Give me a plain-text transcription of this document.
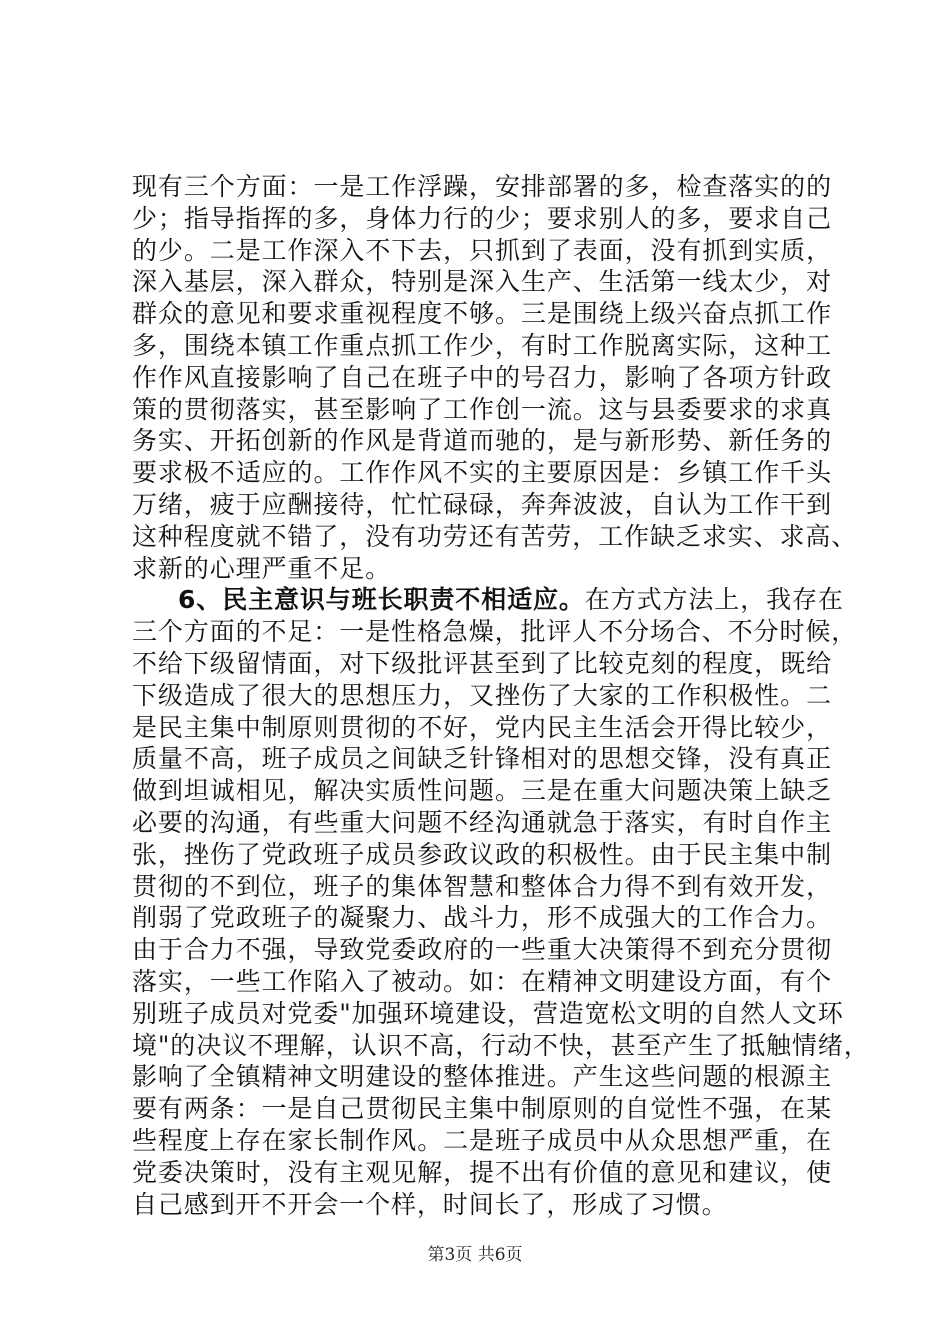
现有三个方面：一是工作浮躁，安排部署的多，检查落实的的
少；指导指挥的多，身体力行的少；要求别人的多，要求自己
的少。二是工作深入不下去，只抓到了表面，没有抓到实质，
深入基层，深入群众，特别是深入生产、生活第一线太少，对
群众的意见和要求重视程度不够。三是围绕上级兴奋点抓工作
多，围绕本镇工作重点抓工作少，有时工作脱离实际，这种工
作作风直接影响了自己在班子中的号召力，影响了各项方针政
策的贯彻落实，甚至影响了工作创一流。这与县委要求的求真
务实、开拓创新的作风是背道而驰的，是与新形势、新任务的
要求极不适应的。工作作风不实的主要原因是：乡镇工作千头
万绪，疲于应酬接待，忙忙碌碌，奔奔波波，自认为工作干到
这种程度就不错了，没有功劳还有苦劳，工作缺乏求实、求高、
求新的心理严重不足。
6、民主意识与班长职责不相适应。在方式方法上，我存在
三个方面的不足：一是性格急燥，批评人不分场合、不分时候，
不给下级留情面，对下级批评甚至到了比较克刻的程度，既给
下级造成了很大的思想压力，又挫伤了大家的工作积极性。二
是民主集中制原则贯彻的不好，党内民主生活会开得比较少，
质量不高，班子成员之间缺乏针锋相对的思想交锋，没有真正
做到坦诚相见，解决实质性问题。三是在重大问题决策上缺乏
必要的沟通，有些重大问题不经沟通就急于落实，有时自作主
张，挫伤了党政班子成员参政议政的积极性。由于民主集中制
贯彻的不到位，班子的集体智慧和整体合力得不到有效开发，
削弱了党政班子的凝聚力、战斗力，形不成强大的工作合力。
由于合力不强，导致党委政府的一些重大决策得不到充分贯彻
落实，一些工作陷入了被动。如：在精神文明建设方面，有个
别班子成员对党委"加强环境建设，营造宽松文明的自然人文环
境"的决议不理解，认识不高，行动不快，甚至产生了抵触情绪，
影响了全镇精神文明建设的整体推进。产生这些问题的根源主
要有两条：一是自己贯彻民主集中制原则的自觉性不强，在某
些程度上存在家长制作风。二是班子成员中从众思想严重，在
党委决策时，没有主观见解，提不出有价值的意见和建议，使
自己感到开不开会一个样，时间长了，形成了习惯。
第3页 共6页
